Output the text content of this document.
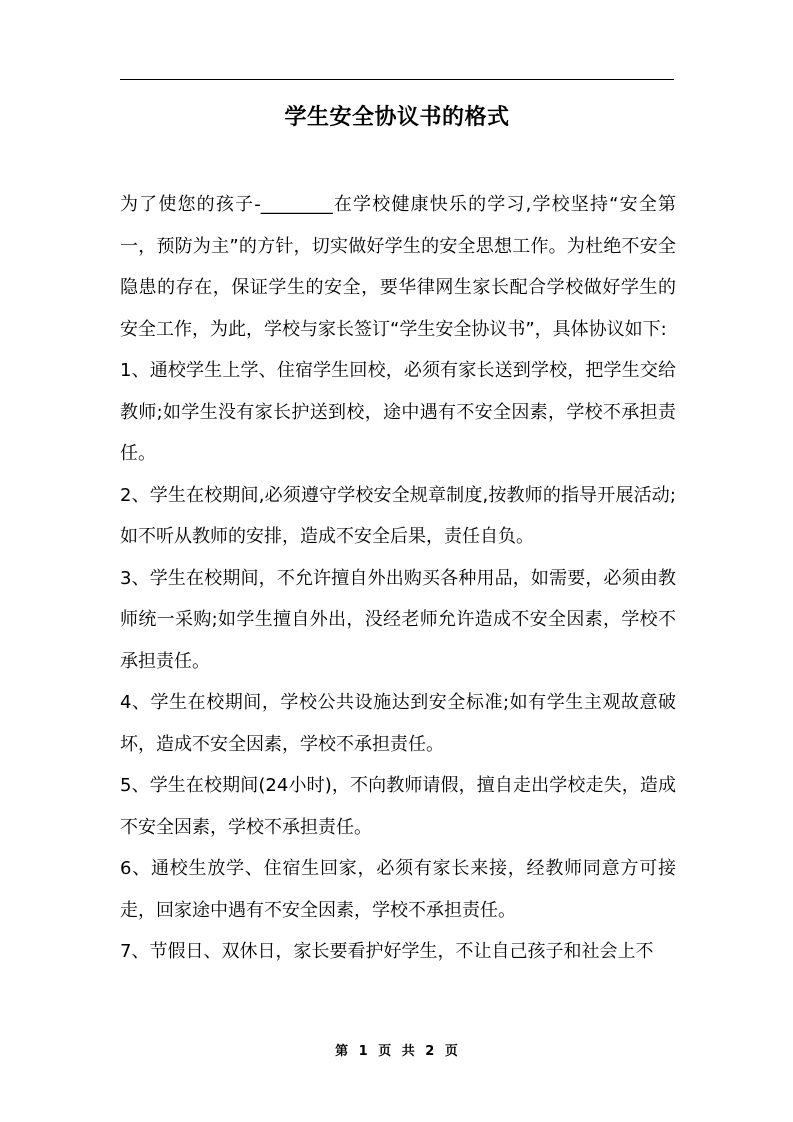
学生安全协议书的格式

为了使您的孩子-________在学校健康快乐的学习,学校坚持“安全第一，预防为主”的方针，切实做好学生的安全思想工作。为杜绝不安全隐患的存在，保证学生的安全，要华律网生家长配合学校做好学生的安全工作，为此，学校与家长签订“学生安全协议书”，具体协议如下:

1、通校学生上学、住宿学生回校，必须有家长送到学校，把学生交给教师;如学生没有家长护送到校，途中遇有不安全因素，学校不承担责任。

2、学生在校期间,必须遵守学校安全规章制度,按教师的指导开展活动;如不听从教师的安排，造成不安全后果，责任自负。

3、学生在校期间，不允许擅自外出购买各种用品，如需要，必须由教师统一采购;如学生擅自外出，没经老师允许造成不安全因素，学校不承担责任。

4、学生在校期间，学校公共设施达到安全标准;如有学生主观故意破坏，造成不安全因素，学校不承担责任。

5、学生在校期间(24小时)，不向教师请假，擅自走出学校走失，造成不安全因素，学校不承担责任。

6、通校生放学、住宿生回家，必须有家长来接，经教师同意方可接走，回家途中遇有不安全因素，学校不承担责任。

7、节假日、双休日，家长要看护好学生，不让自己孩子和社会上不

第 1 页 共 2 页
